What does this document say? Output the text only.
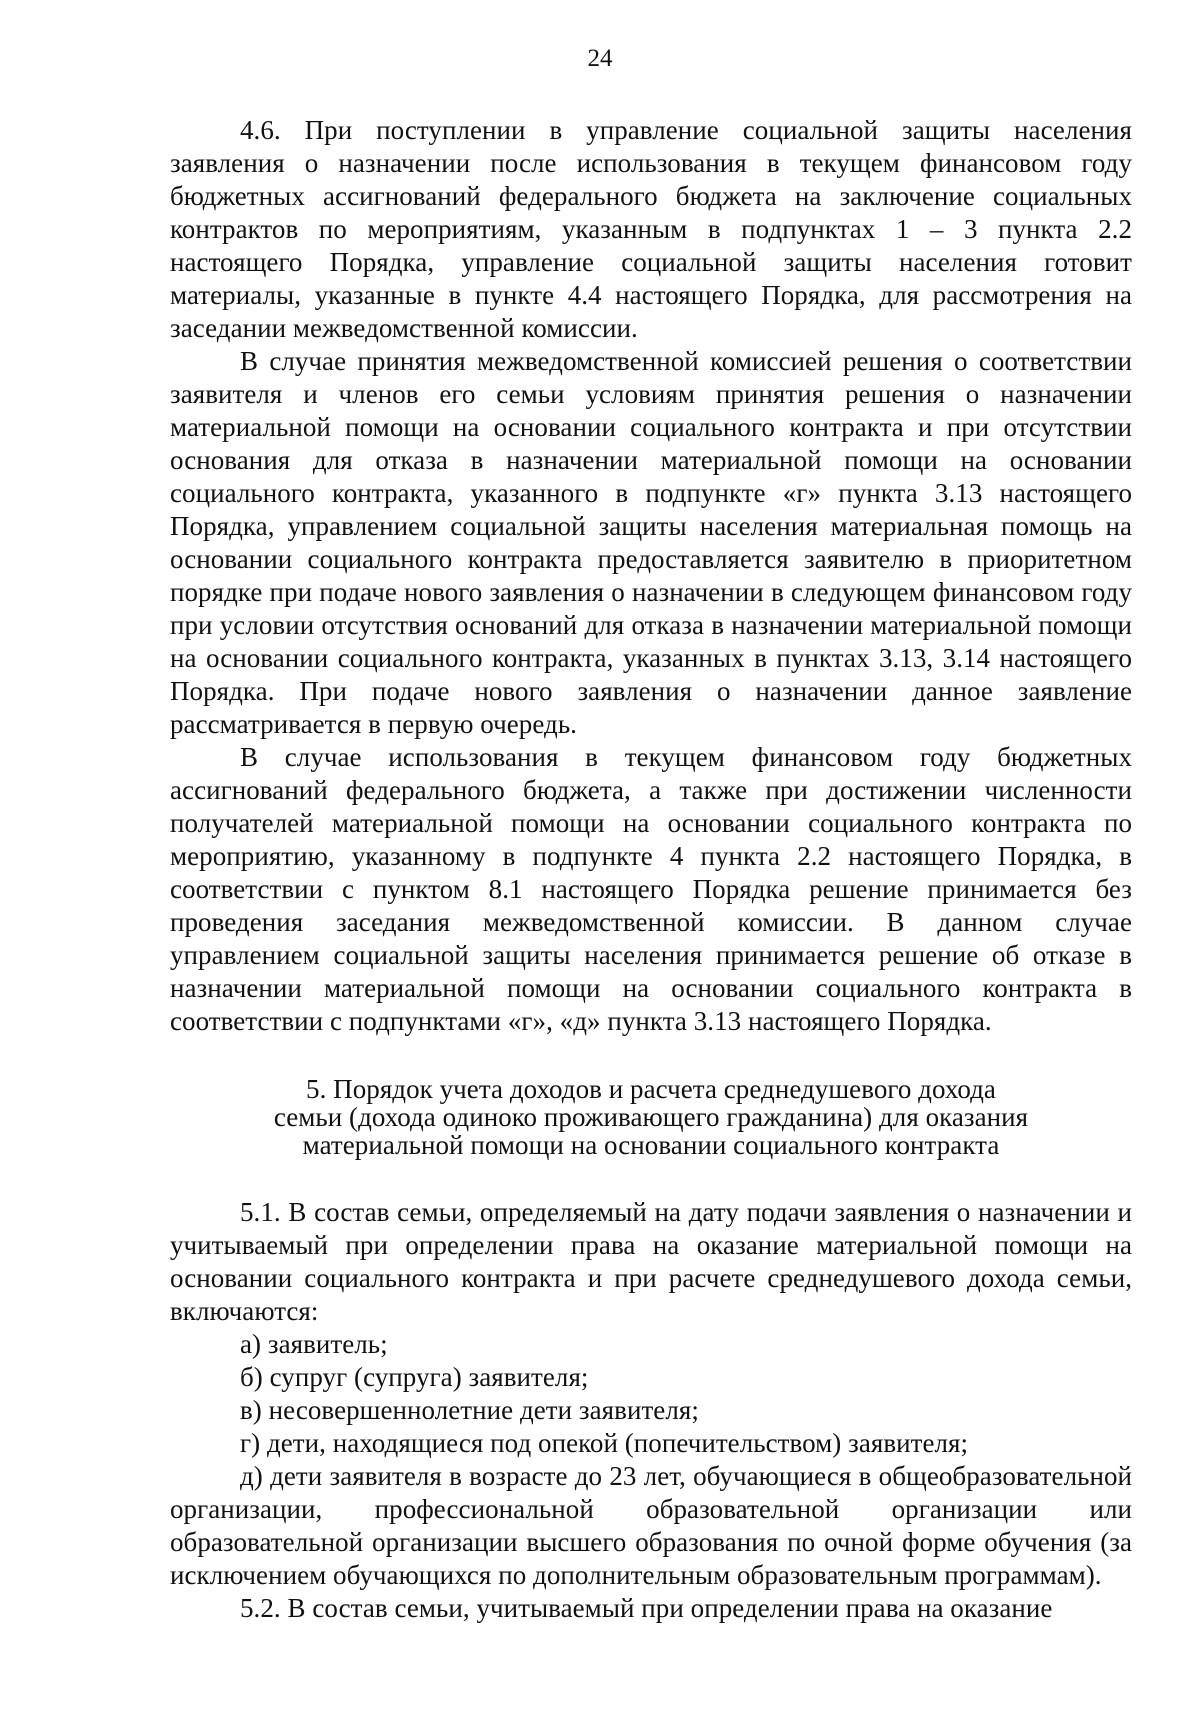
24

4.6. При поступлении в управление социальной защиты населения заявления о назначении после использования в текущем финансовом году бюджетных ассигнований федерального бюджета на заключение социальных контрактов по мероприятиям, указанным в подпунктах 1 – 3 пункта 2.2 настоящего Порядка, управление социальной защиты населения готовит материалы, указанные в пункте 4.4 настоящего Порядка, для рассмотрения на заседании межведомственной комиссии.

В случае принятия межведомственной комиссией решения о соответствии заявителя и членов его семьи условиям принятия решения о назначении материальной помощи на основании социального контракта и при отсутствии основания для отказа в назначении материальной помощи на основании социального контракта, указанного в подпункте «г» пункта 3.13 настоящего Порядка, управлением социальной защиты населения материальная помощь на основании социального контракта предоставляется заявителю в приоритетном порядке при подаче нового заявления о назначении в следующем финансовом году при условии отсутствия оснований для отказа в назначении материальной помощи на основании социального контракта, указанных в пунктах 3.13, 3.14 настоящего Порядка. При подаче нового заявления о назначении данное заявление рассматривается в первую очередь.

В случае использования в текущем финансовом году бюджетных ассигнований федерального бюджета, а также при достижении численности получателей материальной помощи на основании социального контракта по мероприятию, указанному в подпункте 4 пункта 2.2 настоящего Порядка, в соответствии с пунктом 8.1 настоящего Порядка решение принимается без проведения заседания межведомственной комиссии. В данном случае управлением социальной защиты населения принимается решение об отказе в назначении материальной помощи на основании социального контракта в соответствии с подпунктами «г», «д» пункта 3.13 настоящего Порядка.

5. Порядок учета доходов и расчета среднедушевого дохода
семьи (дохода одиноко проживающего гражданина) для оказания
материальной помощи на основании социального контракта

5.1. В состав семьи, определяемый на дату подачи заявления о назначении и учитываемый при определении права на оказание материальной помощи на основании социального контракта и при расчете среднедушевого дохода семьи, включаются:

а) заявитель;

б) супруг (супруга) заявителя;

в) несовершеннолетние дети заявителя;

г) дети, находящиеся под опекой (попечительством) заявителя;

д) дети заявителя в возрасте до 23 лет, обучающиеся в общеобразовательной организации, профессиональной образовательной организации или образовательной организации высшего образования по очной форме обучения (за исключением обучающихся по дополнительным образовательным программам).

5.2. В состав семьи, учитываемый при определении права на оказание
